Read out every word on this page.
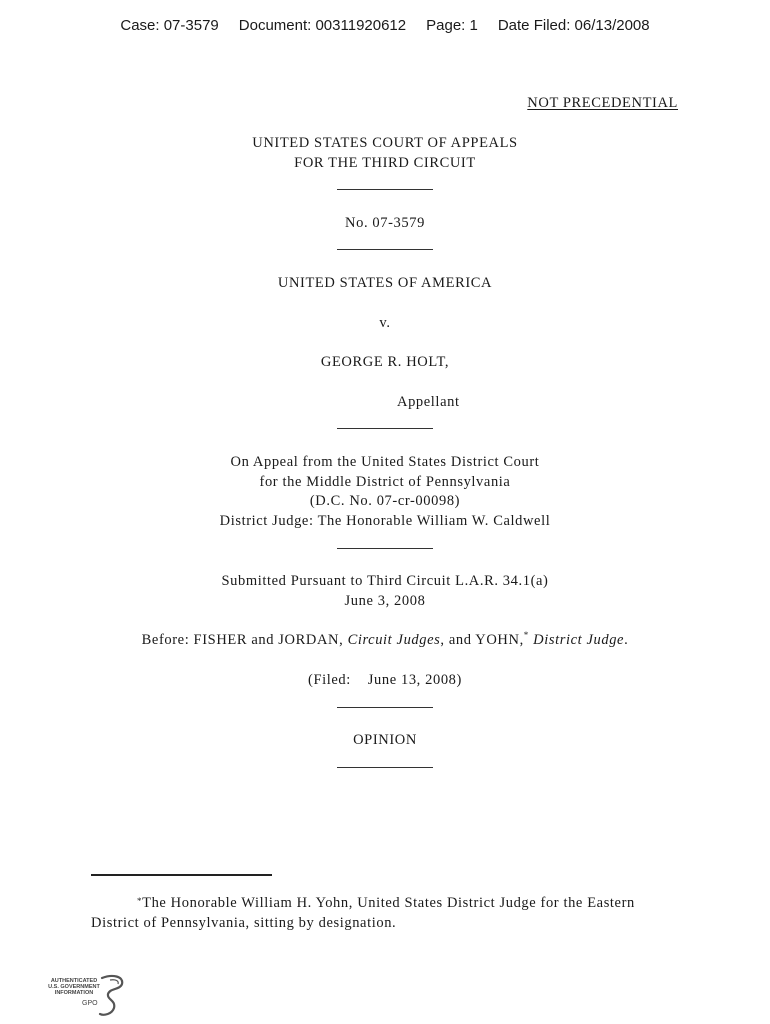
Case: 07-3579 Document: 00311920612 Page: 1 Date Filed: 06/13/2008
NOT PRECEDENTIAL
UNITED STATES COURT OF APPEALS
FOR THE THIRD CIRCUIT
No. 07-3579
UNITED STATES OF AMERICA
v.
GEORGE R. HOLT,
Appellant
On Appeal from the United States District Court
for the Middle District of Pennsylvania
(D.C. No. 07-cr-00098)
District Judge: The Honorable William W. Caldwell
Submitted Pursuant to Third Circuit L.A.R. 34.1(a)
June 3, 2008
Before: FISHER and JORDAN, Circuit Judges, and YOHN,* District Judge.
(Filed:    June 13, 2008)
OPINION
*The Honorable William H. Yohn, United States District Judge for the Eastern
District of Pennsylvania, sitting by designation.
AUTHENTICATED
U.S. GOVERNMENT
INFORMATION
GPO
